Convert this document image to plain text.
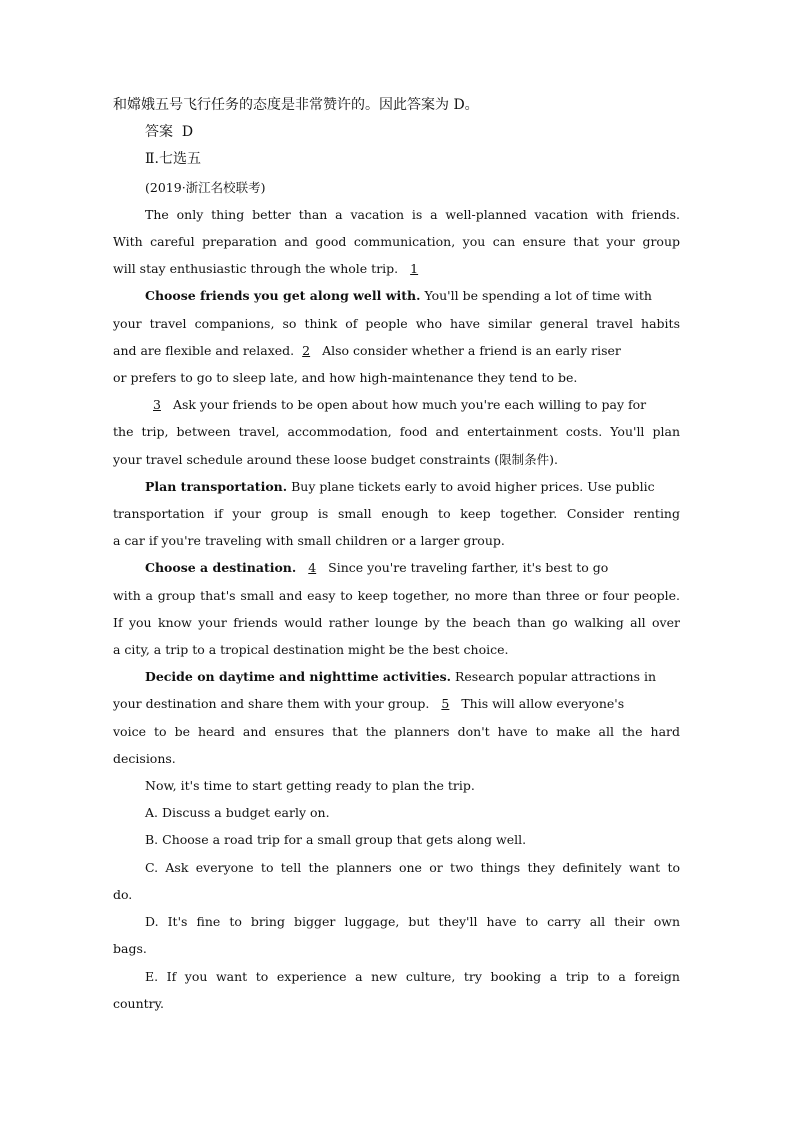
和嫦娥五号飞行任务的态度是非常赞许的。因此答案为 D。

答案 D

Ⅱ.七选五

(2019·浙江名校联考)

The only thing better than a vacation is a well-planned vacation with friends.

With careful preparation and good communication, you can ensure that your group

will stay enthusiastic through the whole trip. 1

Choose friends you get along well with. You'll be spending a lot of time with

your travel companions, so think of people who have similar general travel habits

and are flexible and relaxed. 2 Also consider whether a friend is an early riser

or prefers to go to sleep late, and how high-maintenance they tend to be.

3 Ask your friends to be open about how much you're each willing to pay for

the trip, between travel, accommodation, food and entertainment costs. You'll plan

your travel schedule around these loose budget constraints (限制条件).

Plan transportation. Buy plane tickets early to avoid higher prices. Use public

transportation if your group is small enough to keep together. Consider renting

a car if you're traveling with small children or a larger group.

Choose a destination. 4 Since you're traveling farther, it's best to go

with a group that's small and easy to keep together, no more than three or four people.

If you know your friends would rather lounge by the beach than go walking all over

a city, a trip to a tropical destination might be the best choice.

Decide on daytime and nighttime activities. Research popular attractions in

your destination and share them with your group. 5 This will allow everyone's

voice to be heard and ensures that the planners don't have to make all the hard

decisions.

Now, it's time to start getting ready to plan the trip.

A. Discuss a budget early on.

B. Choose a road trip for a small group that gets along well.

C. Ask everyone to tell the planners one or two things they definitely want to

do.

D. It's fine to bring bigger luggage, but they'll have to carry all their own

bags.

E. If you want to experience a new culture, try booking a trip to a foreign

country.
